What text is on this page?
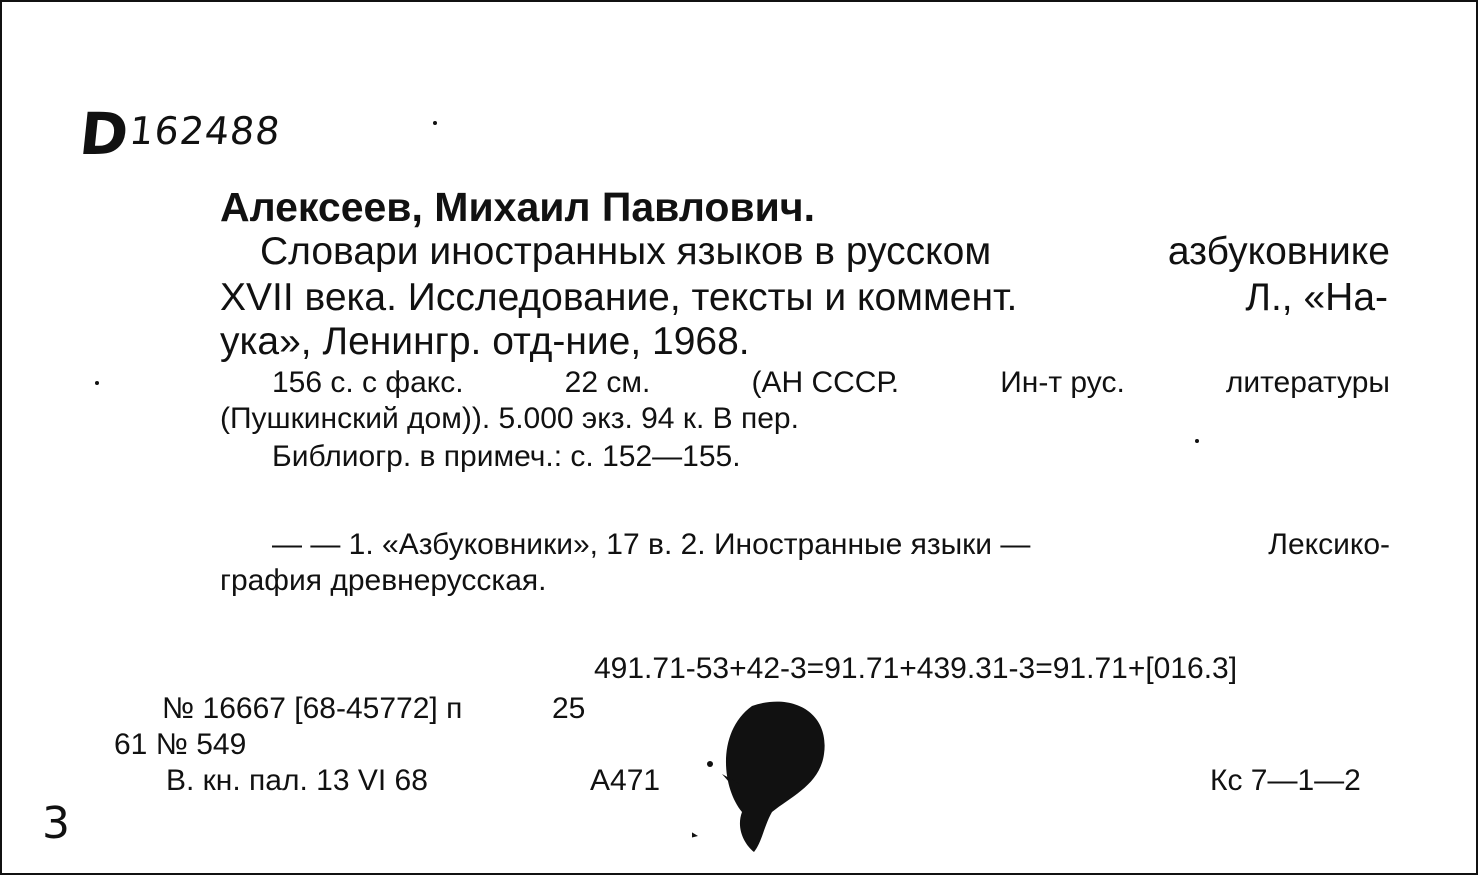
D162488
Алексеев, Михаил Павлович.
Словари иностранных языков в русском	азбуковнике
XVII века. Исследование, тексты и коммент.	Л., «На-
ука», Ленингр. отд-ние, 1968.
156 с. с факс.	22 см.	(АН СССР.	Ин-т рус.	литературы
(Пушкинский дом)). 5.000 экз. 94 к. В пер.
Библиогр. в примеч.: с. 152—155.
— — 1. «Азбуковники», 17 в. 2. Иностранные языки —	Лексико-
графия древнерусская.
491.71-53+42-3=91.71+439.31-3=91.71+[016.3]
№ 16667 [68-45772] п	25
61 № 549
В. кн. пал. 13 VI 68	А471	Кс 7—1—2
3
